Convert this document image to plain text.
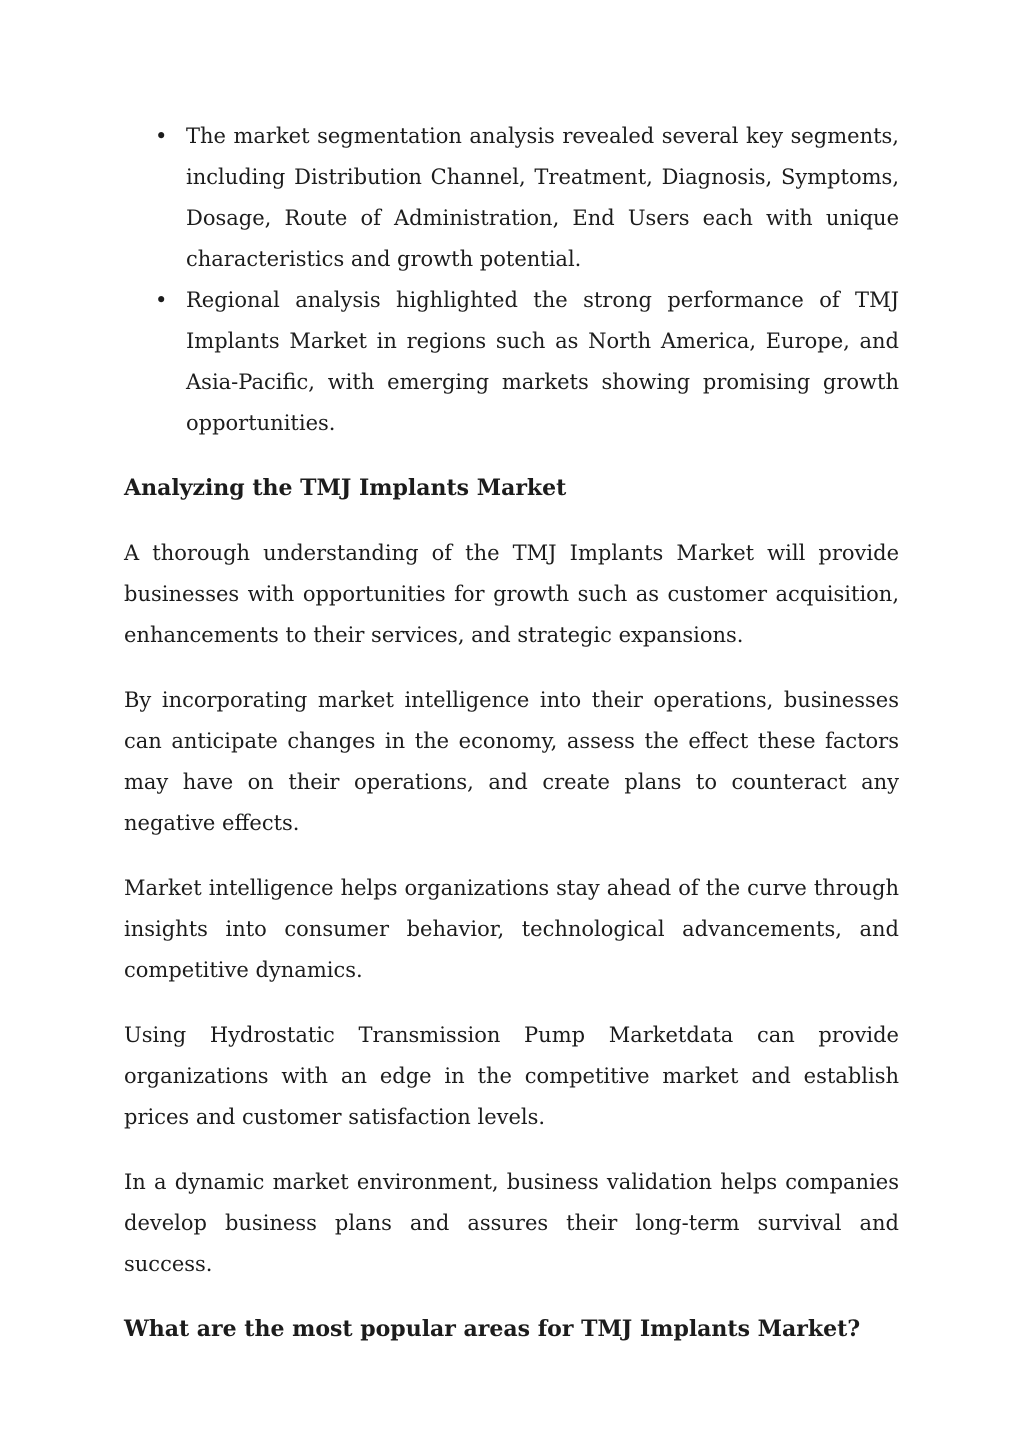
• The market segmentation analysis revealed several key segments, including Distribution Channel, Treatment, Diagnosis, Symptoms, Dosage, Route of Administration, End Users each with unique characteristics and growth potential.
• Regional analysis highlighted the strong performance of TMJ Implants Market in regions such as North America, Europe, and Asia-Pacific, with emerging markets showing promising growth opportunities.

Analyzing the TMJ Implants Market

A thorough understanding of the TMJ Implants Market will provide businesses with opportunities for growth such as customer acquisition, enhancements to their services, and strategic expansions.

By incorporating market intelligence into their operations, businesses can anticipate changes in the economy, assess the effect these factors may have on their operations, and create plans to counteract any negative effects.

Market intelligence helps organizations stay ahead of the curve through insights into consumer behavior, technological advancements, and competitive dynamics.

Using Hydrostatic Transmission Pump Marketdata can provide organizations with an edge in the competitive market and establish prices and customer satisfaction levels.

In a dynamic market environment, business validation helps companies develop business plans and assures their long-term survival and success.

What are the most popular areas for TMJ Implants Market?
